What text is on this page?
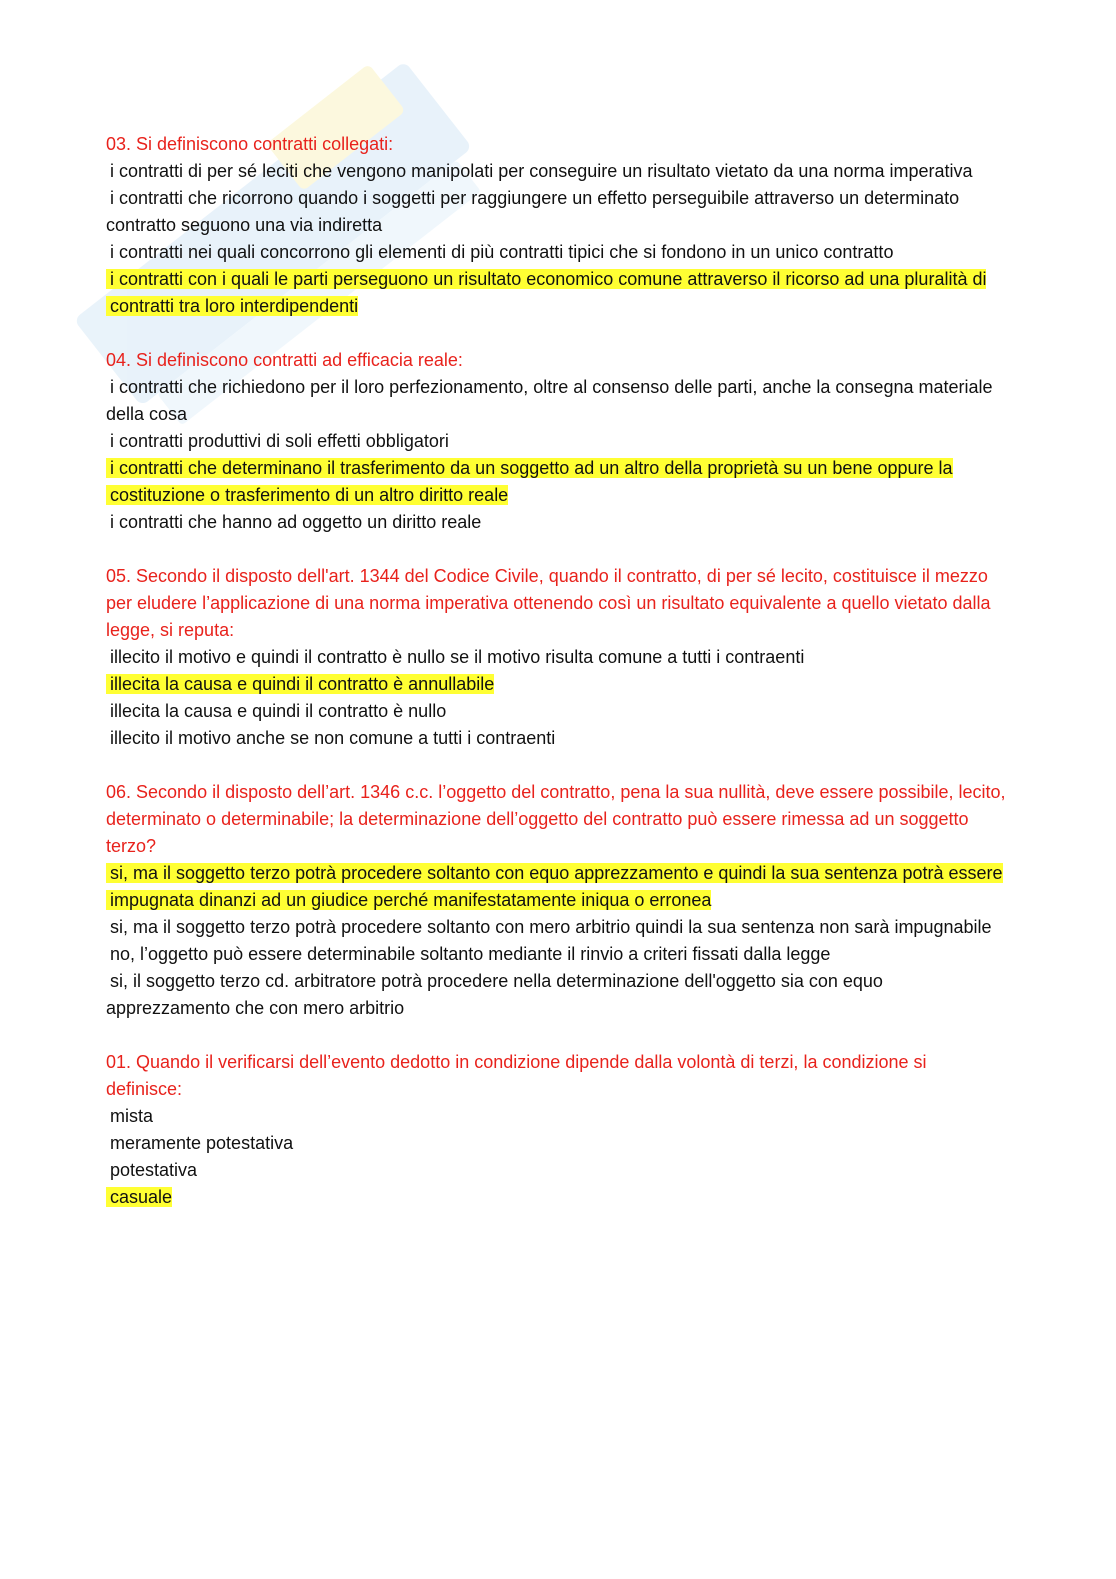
03. Si definiscono contratti collegati:
i contratti di per sé leciti che vengono manipolati per conseguire un risultato vietato da una norma imperativa
i contratti che ricorrono quando i soggetti per raggiungere un effetto perseguibile attraverso un determinato contratto seguono una via indiretta
i contratti nei quali concorrono gli elementi di più contratti tipici che si fondono in un unico contratto
i contratti con i quali le parti perseguono un risultato economico comune attraverso il ricorso ad una pluralità di contratti tra loro interdipendenti
04. Si definiscono contratti ad efficacia reale:
i contratti che richiedono per il loro perfezionamento, oltre al consenso delle parti, anche la consegna materiale della cosa
i contratti produttivi di soli effetti obbligatori
i contratti che determinano il trasferimento da un soggetto ad un altro della proprietà su un bene oppure la costituzione o trasferimento di un altro diritto reale
i contratti che hanno ad oggetto un diritto reale
05. Secondo il disposto dell'art. 1344 del Codice Civile, quando il contratto, di per sé lecito, costituisce il mezzo per eludere l’applicazione di una norma imperativa ottenendo così un risultato equivalente a quello vietato dalla legge, si reputa:
illecito il motivo e quindi il contratto è nullo se il motivo risulta comune a tutti i contraenti
illecita la causa e quindi il contratto è annullabile
illecita la causa e quindi il contratto è nullo
illecito il motivo anche se non comune a tutti i contraenti
06. Secondo il disposto dell’art. 1346 c.c. l’oggetto del contratto, pena la sua nullità, deve essere possibile, lecito, determinato o determinabile; la determinazione dell’oggetto del contratto può essere rimessa ad un soggetto terzo?
si, ma il soggetto terzo potrà procedere soltanto con equo apprezzamento e quindi la sua sentenza potrà essere impugnata dinanzi ad un giudice perché manifestatamente iniqua o erronea
si, ma il soggetto terzo potrà procedere soltanto con mero arbitrio quindi la sua sentenza non sarà impugnabile
no, l’oggetto può essere determinabile soltanto mediante il rinvio a criteri fissati dalla legge
si, il soggetto terzo cd. arbitratore potrà procedere nella determinazione dell'oggetto sia con equo apprezzamento che con mero arbitrio
01. Quando il verificarsi dell’evento dedotto in condizione dipende dalla volontà di terzi, la condizione si definisce:
mista
meramente potestativa
potestativa
casuale
